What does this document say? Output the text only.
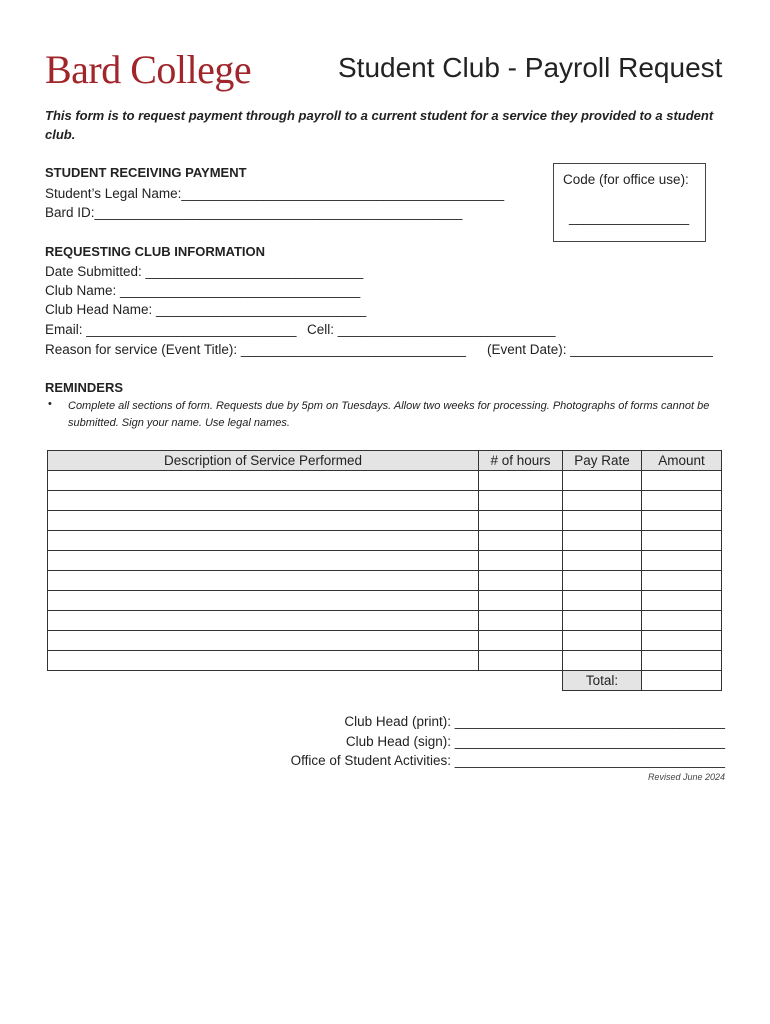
Bard College	Student Club - Payroll Request
This form is to request payment through payroll to a current student for a service they provided to a student club.
STUDENT RECEIVING PAYMENT
Student’s Legal Name:___________________________________________
Bard ID:_________________________________________________
Code (for office use):
________________
REQUESTING CLUB INFORMATION
Date Submitted: _____________________________
Club Name: ________________________________
Club Head Name: ____________________________
Email: ____________________________ Cell: _____________________________
Reason for service (Event Title): ______________________________ (Event Date): ___________________
REMINDERS
• Complete all sections of form. Requests due by 5pm on Tuesdays. Allow two weeks for processing. Photographs of forms cannot be submitted. Sign your name. Use legal names.
Description of Service Performed	# of hours	Pay Rate	Amount

		Total:	
Club Head (print): ____________________________________
Club Head (sign): ____________________________________
Office of Student Activities: ____________________________________
Revised June 2024
